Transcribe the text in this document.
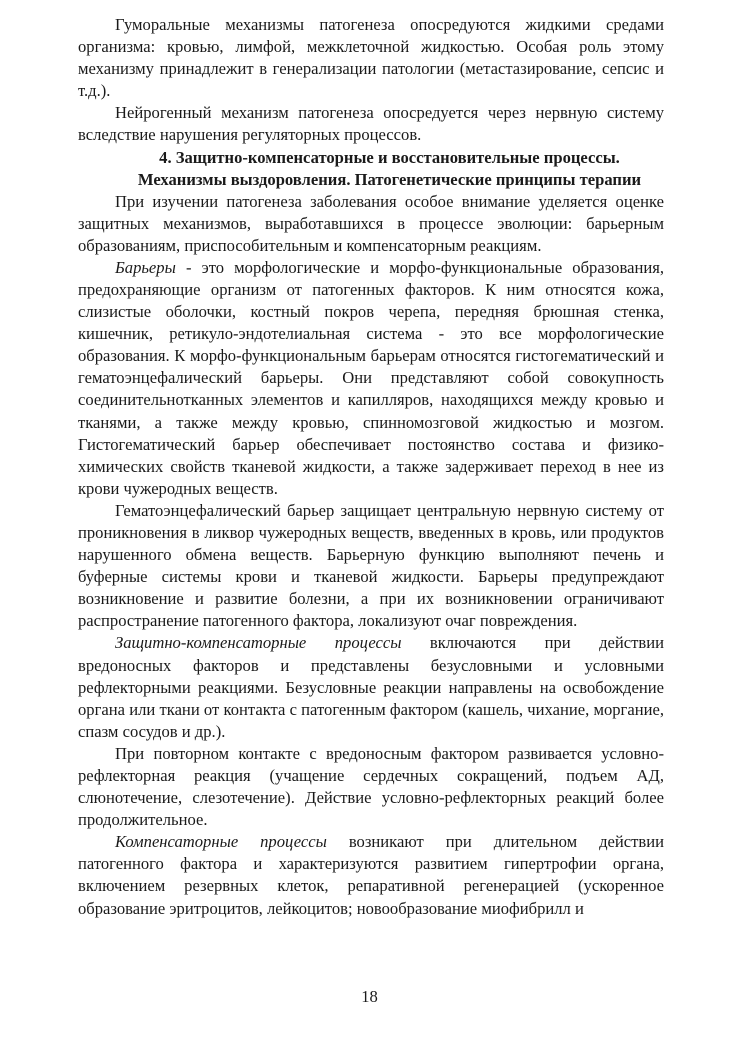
Гуморальные механизмы патогенеза опосредуются жидкими средами организма: кровью, лимфой, межклеточной жидкостью. Особая роль этому механизму принадлежит в генерализации патологии (метастазирование, сепсис и т.д.).

Нейрогенный механизм патогенеза опосредуется через нервную систему вследствие нарушения регуляторных процессов.

4. Защитно-компенсаторные и восстановительные процессы.
Механизмы выздоровления. Патогенетические принципы терапии

При изучении патогенеза заболевания особое внимание уделяется оценке защитных механизмов, выработавшихся в процессе эволюции: барьерным образованиям, приспособительным и компенсаторным реакциям.

Барьеры - это морфологические и морфо-функциональные образования, предохраняющие организм от патогенных факторов. К ним относятся кожа, слизистые оболочки, костный покров черепа, передняя брюшная стенка, кишечник, ретикуло-эндотелиальная система - это все морфологические образования. К морфо-функциональным барьерам относятся гистогематический и гематоэнцефалический барьеры. Они представляют собой совокупность соединительнотканных элементов и капилляров, находящихся между кровью и тканями, а также между кровью, спинномозговой жидкостью и мозгом. Гистогематический барьер обеспечивает постоянство состава и физико-химических свойств тканевой жидкости, а также задерживает переход в нее из крови чужеродных веществ.

Гематоэнцефалический барьер защищает центральную нервную систему от проникновения в ликвор чужеродных веществ, введенных в кровь, или продуктов нарушенного обмена веществ. Барьерную функцию выполняют печень и буферные системы крови и тканевой жидкости. Барьеры предупреждают возникновение и развитие болезни, а при их возникновении ограничивают распространение патогенного фактора, локализуют очаг повреждения.

Защитно-компенсаторные процессы включаются при действии вредоносных факторов и представлены безусловными и условными рефлекторными реакциями. Безусловные реакции направлены на освобождение органа или ткани от контакта с патогенным фактором (кашель, чихание, моргание, спазм сосудов и др.).

При повторном контакте с вредоносным фактором развивается условно-рефлекторная реакция (учащение сердечных сокращений, подъем АД, слюнотечение, слезотечение). Действие условно-рефлекторных реакций более продолжительное.

Компенсаторные процессы возникают при длительном действии патогенного фактора и характеризуются развитием гипертрофии органа, включением резервных клеток, репаративной регенерацией (ускоренное образование эритроцитов, лейкоцитов; новообразование миофибрилл и

18
